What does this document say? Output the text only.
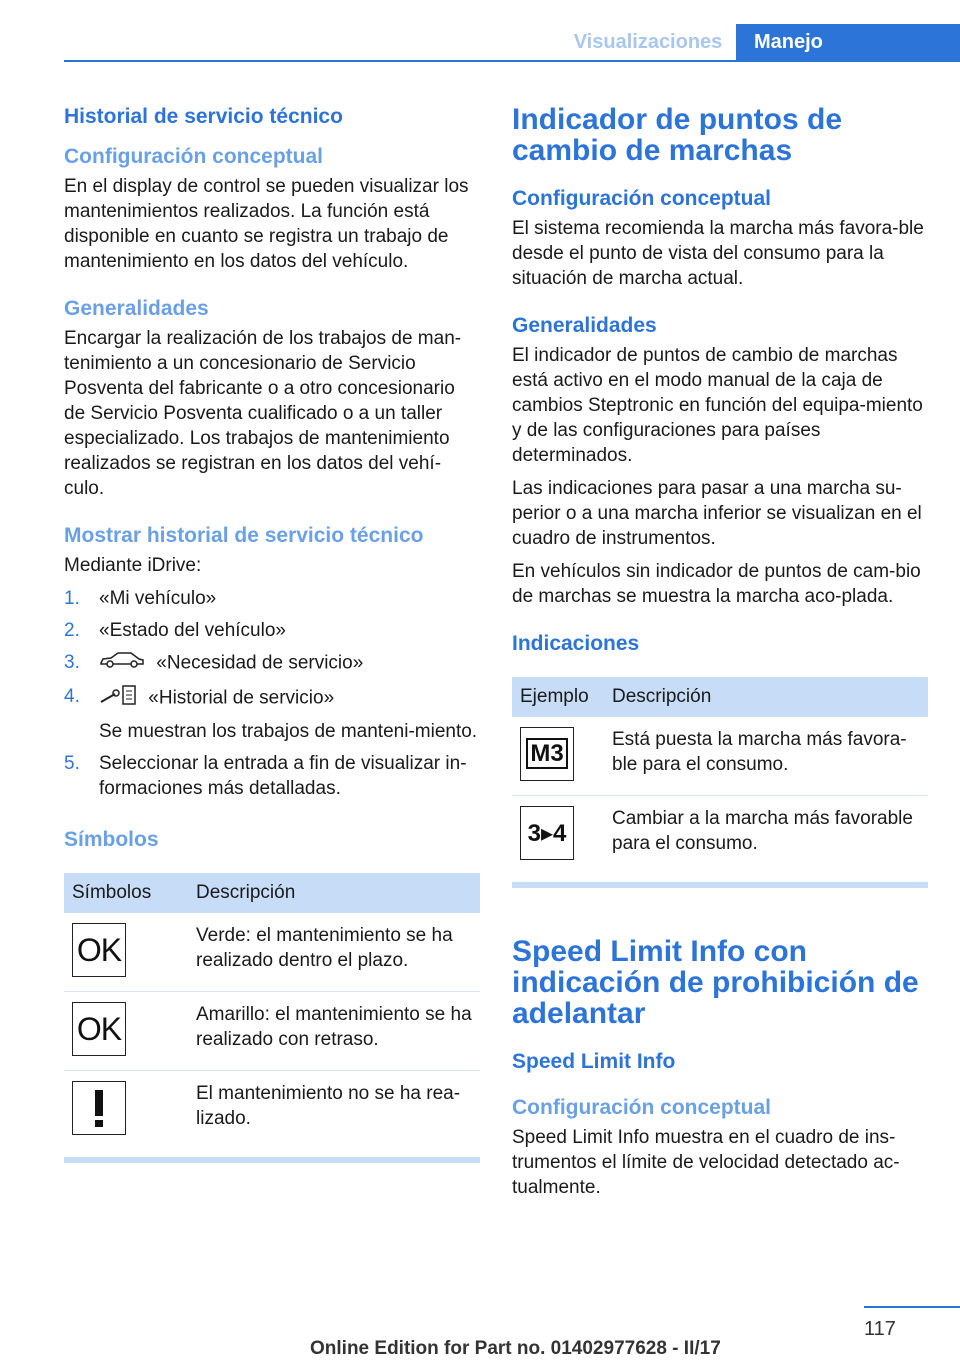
Visualizaciones	Manejo
Historial de servicio técnico
Configuración conceptual

En el display de control se pueden visualizar los mantenimientos realizados. La función está disponible en cuanto se registra un trabajo de mantenimiento en los datos del vehículo.

Generalidades

Encargar la realización de los trabajos de man‐tenimiento a un concesionario de Servicio Posventa del fabricante o a otro concesionario de Servicio Posventa cualificado o a un taller especializado. Los trabajos de mantenimiento realizados se registran en los datos del vehí‐culo.

Mostrar historial de servicio técnico

Mediante iDrive:

1. «Mi vehículo»
2. «Estado del vehículo»
3.	«Necesidad de servicio»
4.	«Historial de servicio»
Se muestran los trabajos de manteni‐miento.
5. Seleccionar la entrada a fin de visualizar in‐formaciones más detalladas.
Símbolos
Símbolos	Descripción

OK	Verde: el mantenimiento se ha realizado dentro el plazo.

OK	Amarillo: el mantenimiento se ha realizado con retraso.

	El mantenimiento no se ha rea‐lizado.
Indicador de puntos de cambio de marchas
Configuración conceptual

El sistema recomienda la marcha más favora‐ble desde el punto de vista del consumo para la situación de marcha actual.

Generalidades

El indicador de puntos de cambio de marchas está activo en el modo manual de la caja de cambios Steptronic en función del equipa‐miento y de las configuraciones para países determinados.

Las indicaciones para pasar a una marcha su‐perior o a una marcha inferior se visualizan en el cuadro de instrumentos.

En vehículos sin indicador de puntos de cam‐bio de marchas se muestra la marcha aco‐plada.

Indicaciones
Ejemplo	Descripción

M3	Está puesta la marcha más favora‐ble para el consumo.

3▸4	Cambiar a la marcha más favorable para el consumo.
Speed Limit Info con indicación de prohibición de adelantar
Speed Limit Info
Configuración conceptual

Speed Limit Info muestra en el cuadro de ins‐trumentos el límite de velocidad detectado ac‐tualmente.

117
Online Edition for Part no. 01402977628 - II/17
